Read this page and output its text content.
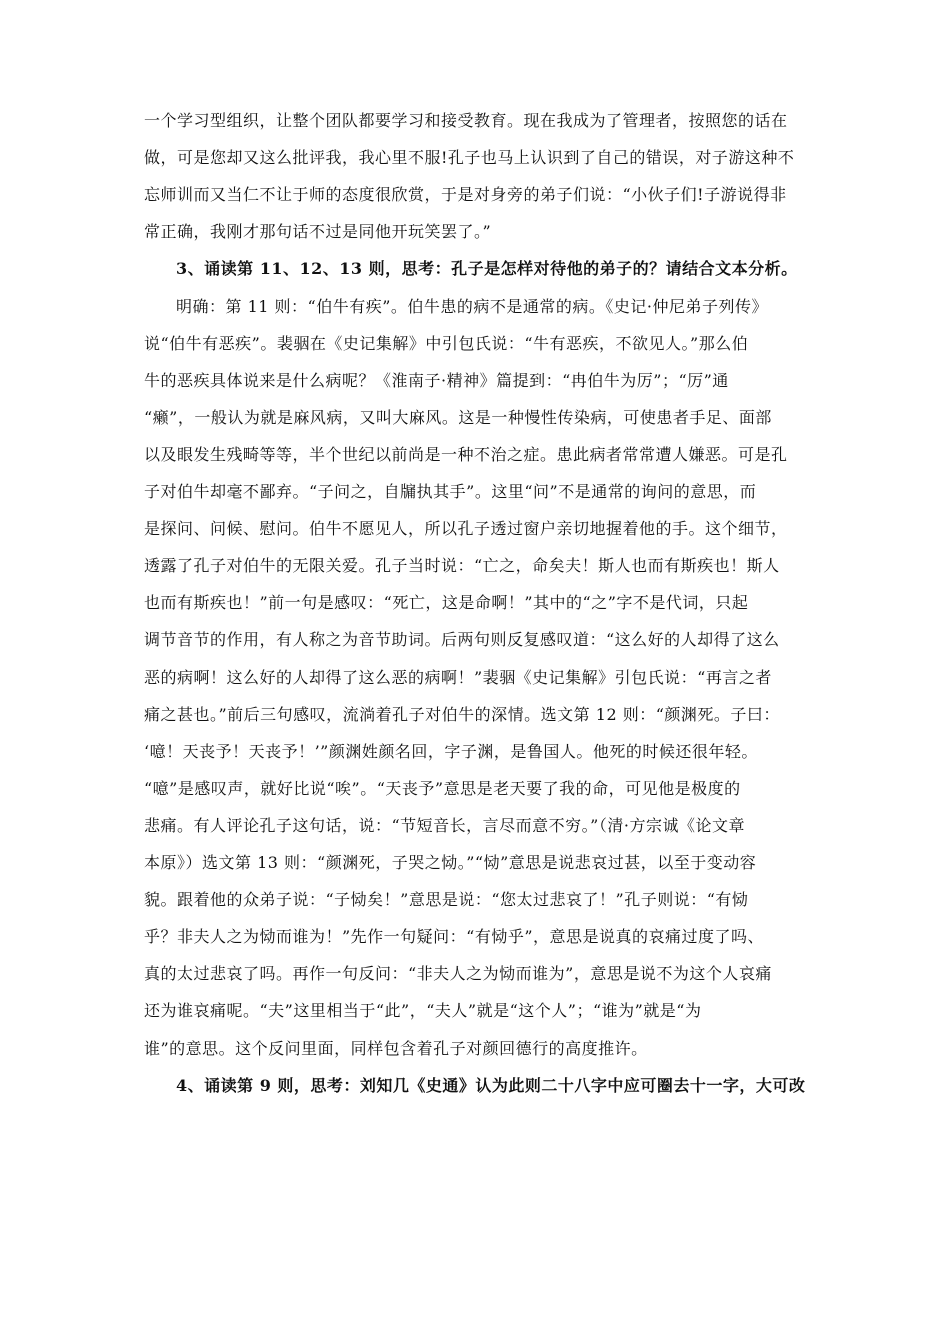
一个学习型组织，让整个团队都要学习和接受教育。现在我成为了管理者，按照您的话在
做，可是您却又这么批评我，我心里不服!孔子也马上认识到了自己的错误，对子游这种不
忘师训而又当仁不让于师的态度很欣赏，于是对身旁的弟子们说：“小伙子们!子游说得非
常正确，我刚才那句话不过是同他开玩笑罢了。”
3、诵读第 11、12、13 则，思考：孔子是怎样对待他的弟子的？请结合文本分析。
明确：第 11 则：“伯牛有疾”。伯牛患的病不是通常的病。《史记·仲尼弟子列传》
说“伯牛有恶疾”。裴骃在《史记集解》中引包氏说：“牛有恶疾，不欲见人。”那么伯
牛的恶疾具体说来是什么病呢？《淮南子·精神》篇提到：“冉伯牛为厉”；“厉”通
“癞”，一般认为就是麻风病，又叫大麻风。这是一种慢性传染病，可使患者手足、面部
以及眼发生残畸等等，半个世纪以前尚是一种不治之症。患此病者常常遭人嫌恶。可是孔
子对伯牛却毫不鄙弃。“子问之，自牖执其手”。这里“问”不是通常的询问的意思，而
是探问、问候、慰问。伯牛不愿见人，所以孔子透过窗户亲切地握着他的手。这个细节，
透露了孔子对伯牛的无限关爱。孔子当时说：“亡之，命矣夫！斯人也而有斯疾也！斯人
也而有斯疾也！”前一句是感叹：“死亡，这是命啊！”其中的“之”字不是代词，只起
调节音节的作用，有人称之为音节助词。后两句则反复感叹道：“这么好的人却得了这么
恶的病啊！这么好的人却得了这么恶的病啊！”裴骃《史记集解》引包氏说：“再言之者
痛之甚也。”前后三句感叹，流淌着孔子对伯牛的深情。选文第 12 则：“颜渊死。子曰：
‘噫！天丧予！天丧予！’”颜渊姓颜名回，字子渊，是鲁国人。他死的时候还很年轻。
“噫”是感叹声，就好比说“唉”。“天丧予”意思是老天要了我的命，可见他是极度的
悲痛。有人评论孔子这句话，说：“节短音长，言尽而意不穷。”（清·方宗诚《论文章
本原》）选文第 13 则：“颜渊死，子哭之恸。”“恸”意思是说悲哀过甚，以至于变动容
貌。跟着他的众弟子说：“子恸矣！”意思是说：“您太过悲哀了！”孔子则说：“有恸
乎？非夫人之为恸而谁为！”先作一句疑问：“有恸乎”，意思是说真的哀痛过度了吗、
真的太过悲哀了吗。再作一句反问：“非夫人之为恸而谁为”，意思是说不为这个人哀痛
还为谁哀痛呢。“夫”这里相当于“此”，“夫人”就是“这个人”；“谁为”就是“为
谁”的意思。这个反问里面，同样包含着孔子对颜回德行的高度推许。
4、诵读第 9 则，思考：刘知几《史通》认为此则二十八字中应可圈去十一字，大可改
